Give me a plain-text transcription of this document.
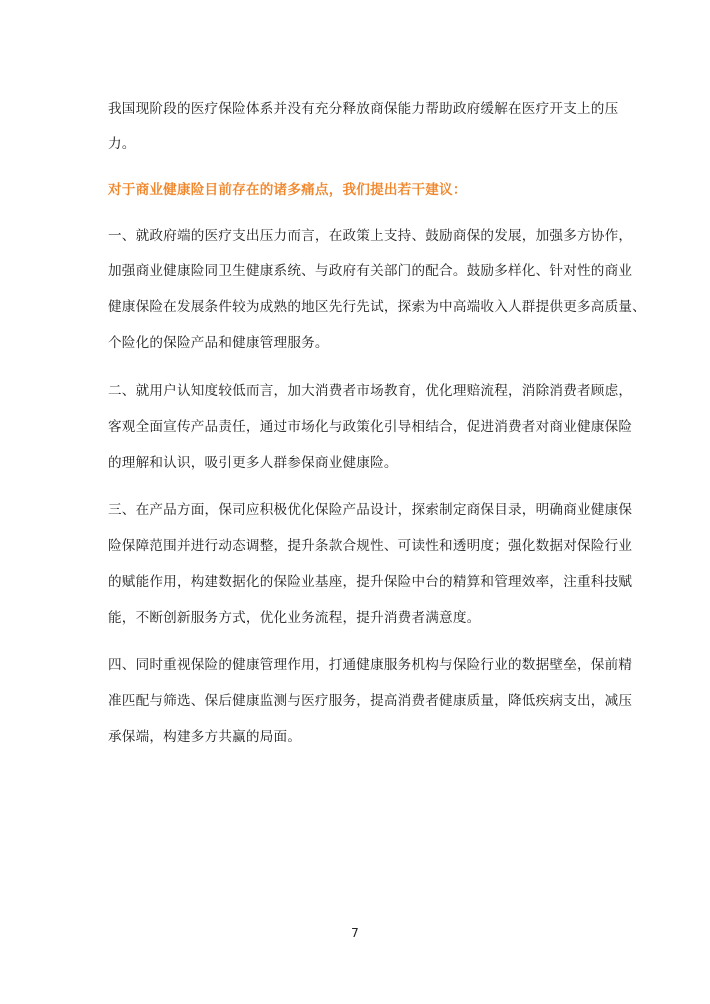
我国现阶段的医疗保险体系并没有充分释放商保能力帮助政府缓解在医疗开支上的压
力。
对于商业健康险目前存在的诸多痛点，我们提出若干建议：
一、就政府端的医疗支出压力而言，在政策上支持、鼓励商保的发展，加强多方协作，
加强商业健康险同卫生健康系统、与政府有关部门的配合。鼓励多样化、针对性的商业
健康保险在发展条件较为成熟的地区先行先试，探索为中高端收入人群提供更多高质量、
个险化的保险产品和健康管理服务。
二、就用户认知度较低而言，加大消费者市场教育，优化理赔流程，消除消费者顾虑，
客观全面宣传产品责任，通过市场化与政策化引导相结合，促进消费者对商业健康保险
的理解和认识，吸引更多人群参保商业健康险。
三、在产品方面，保司应积极优化保险产品设计，探索制定商保目录，明确商业健康保
险保障范围并进行动态调整，提升条款合规性、可读性和透明度；强化数据对保险行业
的赋能作用，构建数据化的保险业基座，提升保险中台的精算和管理效率，注重科技赋
能，不断创新服务方式，优化业务流程，提升消费者满意度。
四、同时重视保险的健康管理作用，打通健康服务机构与保险行业的数据壁垒，保前精
准匹配与筛选、保后健康监测与医疗服务，提高消费者健康质量，降低疾病支出，减压
承保端，构建多方共赢的局面。
7
